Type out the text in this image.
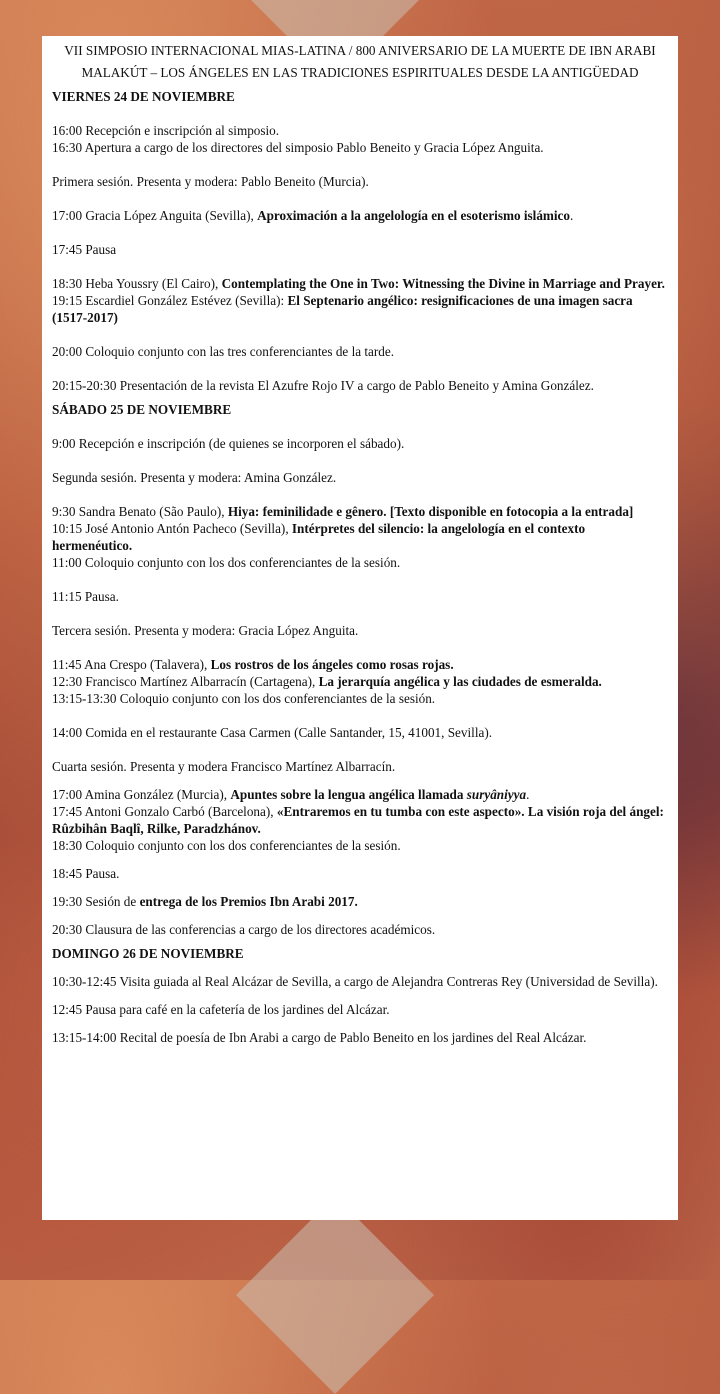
VII SIMPOSIO INTERNACIONAL MIAS-LATINA / 800 ANIVERSARIO DE LA MUERTE DE IBN ARABI

MALAKÚT – LOS ÁNGELES EN LAS TRADICIONES ESPIRITUALES DESDE LA ANTIGÜEDAD

VIERNES 24 DE NOVIEMBRE

16:00 Recepción e inscripción al simposio.

16:30 Apertura a cargo de los directores del simposio Pablo Beneito y Gracia López Anguita.

Primera sesión. Presenta y modera: Pablo Beneito (Murcia).

17:00 Gracia López Anguita (Sevilla), Aproximación a la angelología en el esoterismo islámico.

17:45 Pausa

18:30 Heba Youssry (El Cairo), Contemplating the One in Two: Witnessing the Divine in Marriage and Prayer.

19:15 Escardiel González Estévez (Sevilla): El Septenario angélico: resignificaciones de una imagen sacra (1517-2017)

20:00 Coloquio conjunto con las tres conferenciantes de la tarde.

20:15-20:30 Presentación de la revista El Azufre Rojo IV a cargo de Pablo Beneito y Amina González.

SÁBADO 25 DE NOVIEMBRE

9:00 Recepción e inscripción (de quienes se incorporen el sábado).

Segunda sesión. Presenta y modera: Amina González.

9:30 Sandra Benato (São Paulo), Hiya: feminilidade e gênero. [Texto disponible en fotocopia a la entrada]

10:15 José Antonio Antón Pacheco (Sevilla), Intérpretes del silencio: la angelología en el contexto hermenéutico.

11:00 Coloquio conjunto con los dos conferenciantes de la sesión.

11:15 Pausa.

Tercera sesión. Presenta y modera: Gracia López Anguita.

11:45 Ana Crespo (Talavera), Los rostros de los ángeles como rosas rojas.

12:30 Francisco Martínez Albarracín (Cartagena), La jerarquía angélica y las ciudades de esmeralda.

13:15-13:30 Coloquio conjunto con los dos conferenciantes de la sesión.

14:00 Comida en el restaurante Casa Carmen (Calle Santander, 15, 41001, Sevilla).

Cuarta sesión. Presenta y modera Francisco Martínez Albarracín.

17:00 Amina González (Murcia), Apuntes sobre la lengua angélica llamada suryâniyya.

17:45 Antoni Gonzalo Carbó (Barcelona), «Entraremos en tu tumba con este aspecto». La visión roja del ángel: Rûzbihân Baqlî, Rilke, Paradzhánov.

18:30 Coloquio conjunto con los dos conferenciantes de la sesión.

18:45 Pausa.

19:30 Sesión de entrega de los Premios Ibn Arabi 2017.

20:30 Clausura de las conferencias a cargo de los directores académicos.

DOMINGO 26 DE NOVIEMBRE

10:30-12:45 Visita guiada al Real Alcázar de Sevilla, a cargo de Alejandra Contreras Rey (Universidad de Sevilla).

12:45 Pausa para café en la cafetería de los jardines del Alcázar.

13:15-14:00 Recital de poesía de Ibn Arabi a cargo de Pablo Beneito en los jardines del Real Alcázar.
